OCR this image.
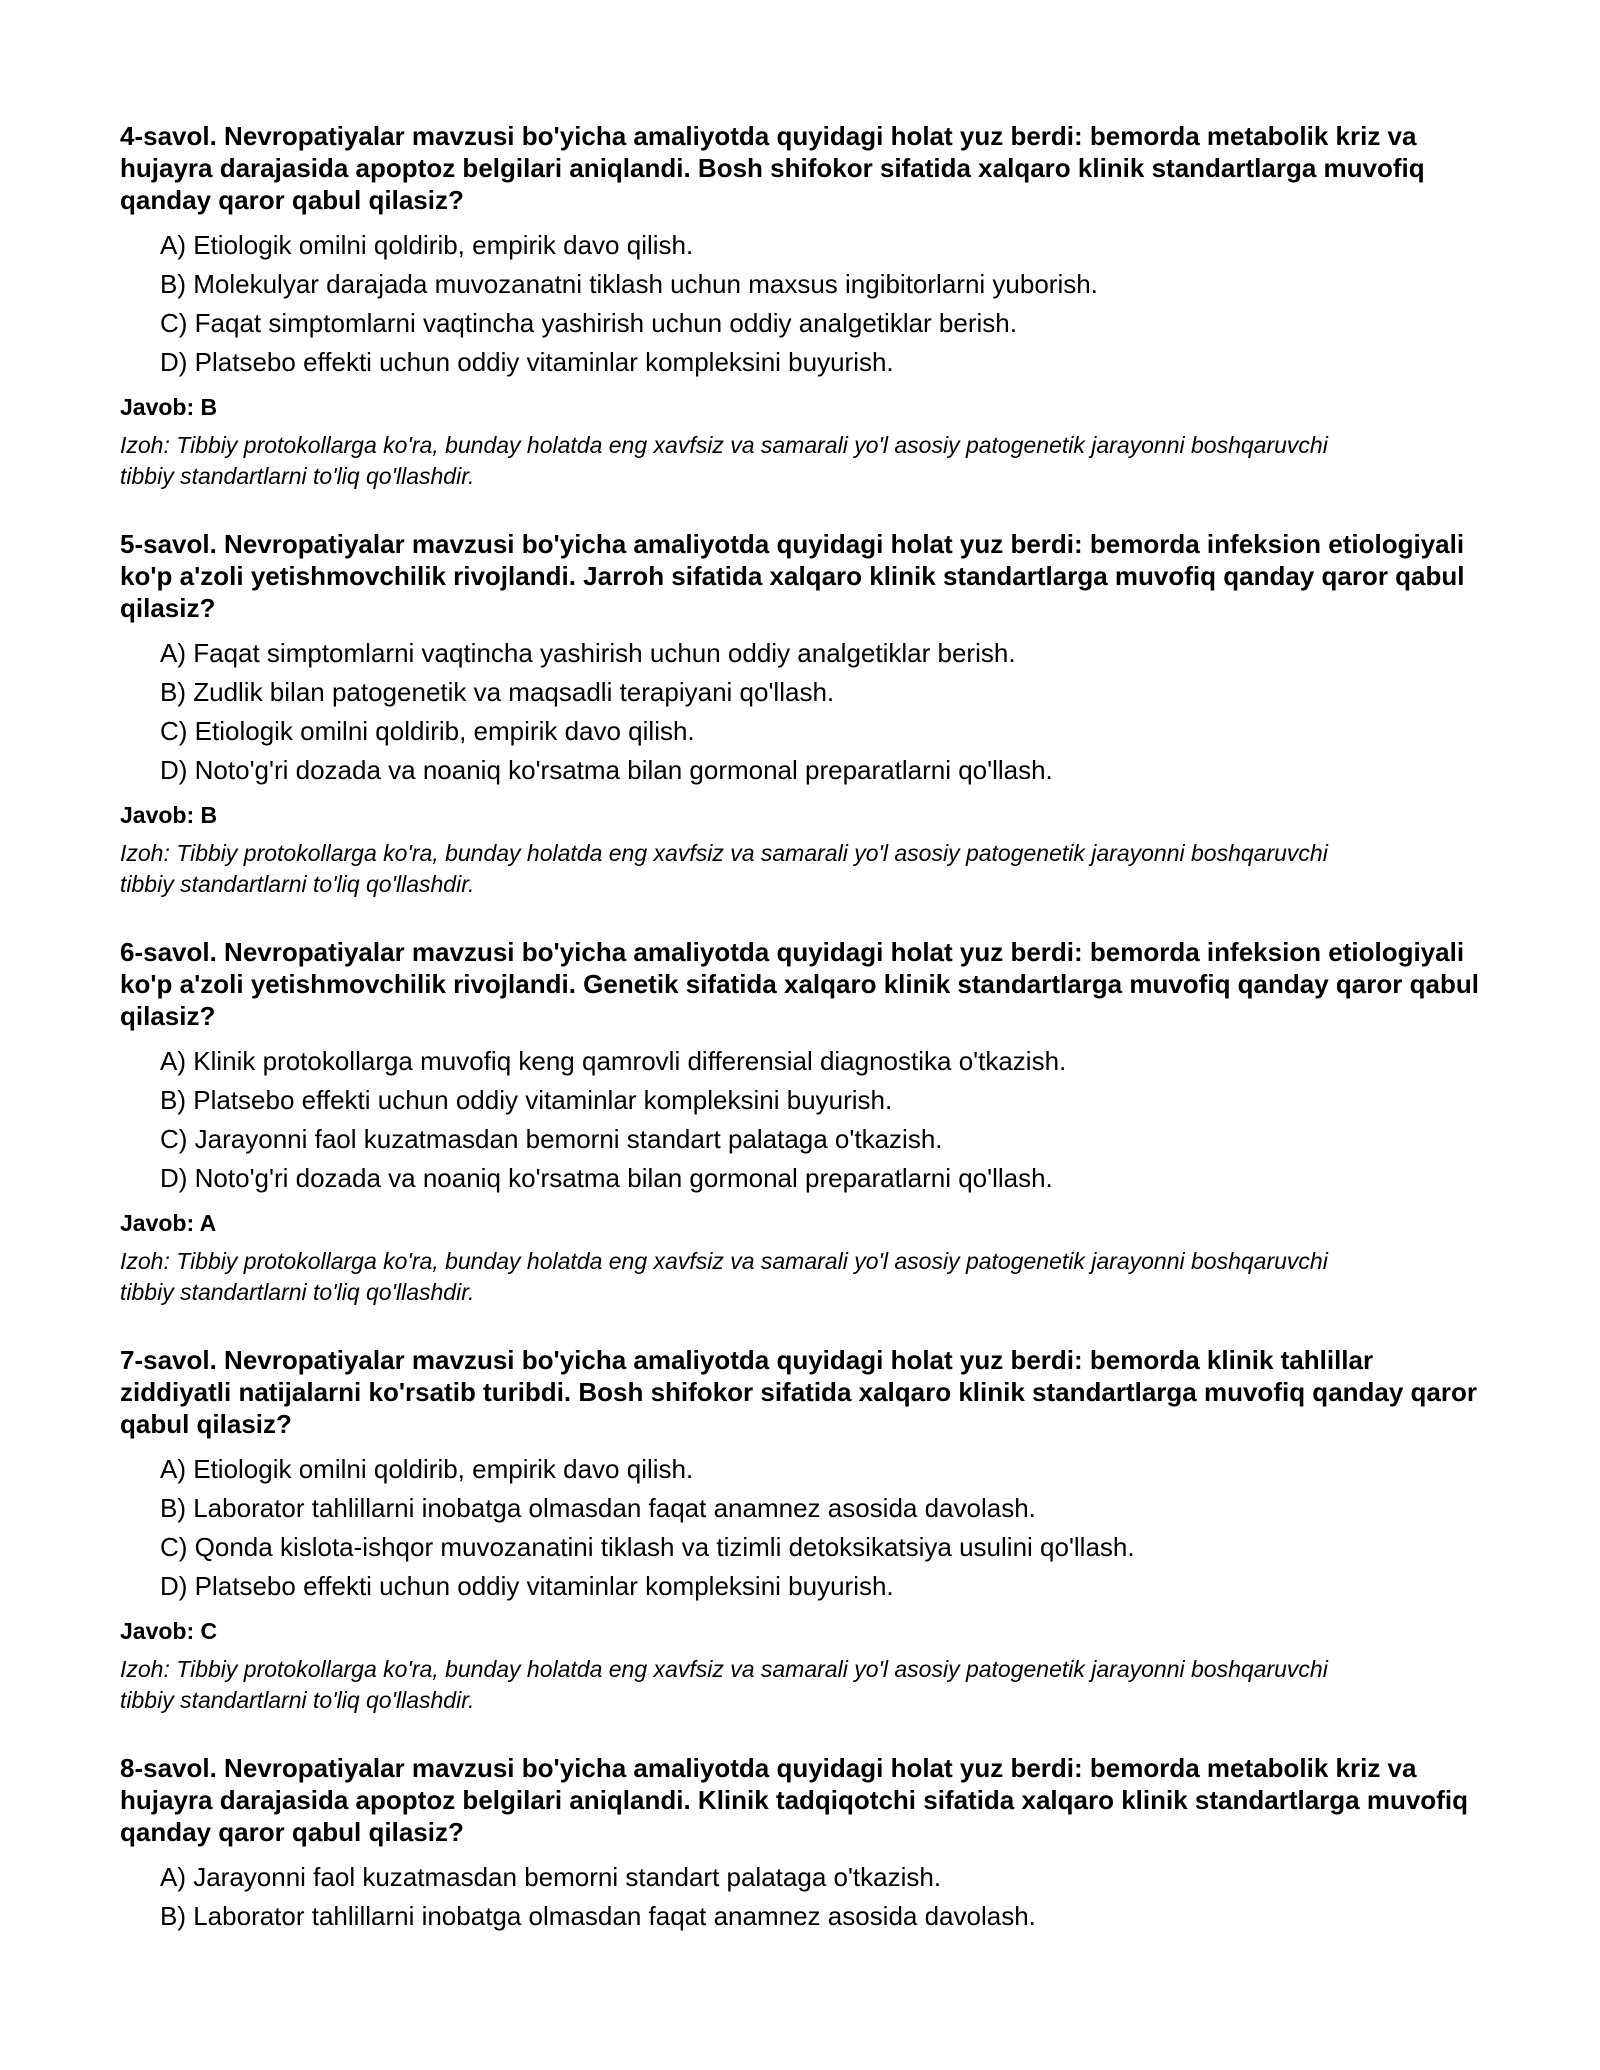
4-savol. Nevropatiyalar mavzusi bo'yicha amaliyotda quyidagi holat yuz berdi: bemorda metabolik kriz va hujayra darajasida apoptoz belgilari aniqlandi. Bosh shifokor sifatida xalqaro klinik standartlarga muvofiq qanday qaror qabul qilasiz?

A) Etiologik omilni qoldirib, empirik davo qilish.
B) Molekulyar darajada muvozanatni tiklash uchun maxsus ingibitorlarni yuborish.
C) Faqat simptomlarni vaqtincha yashirish uchun oddiy analgetiklar berish.
D) Platsebo effekti uchun oddiy vitaminlar kompleksini buyurish.

Javob: B

Izoh: Tibbiy protokollarga ko'ra, bunday holatda eng xavfsiz va samarali yo'l asosiy patogenetik jarayonni boshqaruvchi tibbiy standartlarni to'liq qo'llashdir.

5-savol. Nevropatiyalar mavzusi bo'yicha amaliyotda quyidagi holat yuz berdi: bemorda infeksion etiologiyali ko'p a'zoli yetishmovchilik rivojlandi. Jarroh sifatida xalqaro klinik standartlarga muvofiq qanday qaror qabul qilasiz?

A) Faqat simptomlarni vaqtincha yashirish uchun oddiy analgetiklar berish.
B) Zudlik bilan patogenetik va maqsadli terapiyani qo'llash.
C) Etiologik omilni qoldirib, empirik davo qilish.
D) Noto'g'ri dozada va noaniq ko'rsatma bilan gormonal preparatlarni qo'llash.

Javob: B

Izoh: Tibbiy protokollarga ko'ra, bunday holatda eng xavfsiz va samarali yo'l asosiy patogenetik jarayonni boshqaruvchi tibbiy standartlarni to'liq qo'llashdir.

6-savol. Nevropatiyalar mavzusi bo'yicha amaliyotda quyidagi holat yuz berdi: bemorda infeksion etiologiyali ko'p a'zoli yetishmovchilik rivojlandi. Genetik sifatida xalqaro klinik standartlarga muvofiq qanday qaror qabul qilasiz?

A) Klinik protokollarga muvofiq keng qamrovli differensial diagnostika o'tkazish.
B) Platsebo effekti uchun oddiy vitaminlar kompleksini buyurish.
C) Jarayonni faol kuzatmasdan bemorni standart palataga o'tkazish.
D) Noto'g'ri dozada va noaniq ko'rsatma bilan gormonal preparatlarni qo'llash.

Javob: A

Izoh: Tibbiy protokollarga ko'ra, bunday holatda eng xavfsiz va samarali yo'l asosiy patogenetik jarayonni boshqaruvchi tibbiy standartlarni to'liq qo'llashdir.

7-savol. Nevropatiyalar mavzusi bo'yicha amaliyotda quyidagi holat yuz berdi: bemorda klinik tahlillar ziddiyatli natijalarni ko'rsatib turibdi. Bosh shifokor sifatida xalqaro klinik standartlarga muvofiq qanday qaror qabul qilasiz?

A) Etiologik omilni qoldirib, empirik davo qilish.
B) Laborator tahlillarni inobatga olmasdan faqat anamnez asosida davolash.
C) Qonda kislota-ishqor muvozanatini tiklash va tizimli detoksikatsiya usulini qo'llash.
D) Platsebo effekti uchun oddiy vitaminlar kompleksini buyurish.

Javob: C

Izoh: Tibbiy protokollarga ko'ra, bunday holatda eng xavfsiz va samarali yo'l asosiy patogenetik jarayonni boshqaruvchi tibbiy standartlarni to'liq qo'llashdir.

8-savol. Nevropatiyalar mavzusi bo'yicha amaliyotda quyidagi holat yuz berdi: bemorda metabolik kriz va hujayra darajasida apoptoz belgilari aniqlandi. Klinik tadqiqotchi sifatida xalqaro klinik standartlarga muvofiq qanday qaror qabul qilasiz?

A) Jarayonni faol kuzatmasdan bemorni standart palataga o'tkazish.
B) Laborator tahlillarni inobatga olmasdan faqat anamnez asosida davolash.
